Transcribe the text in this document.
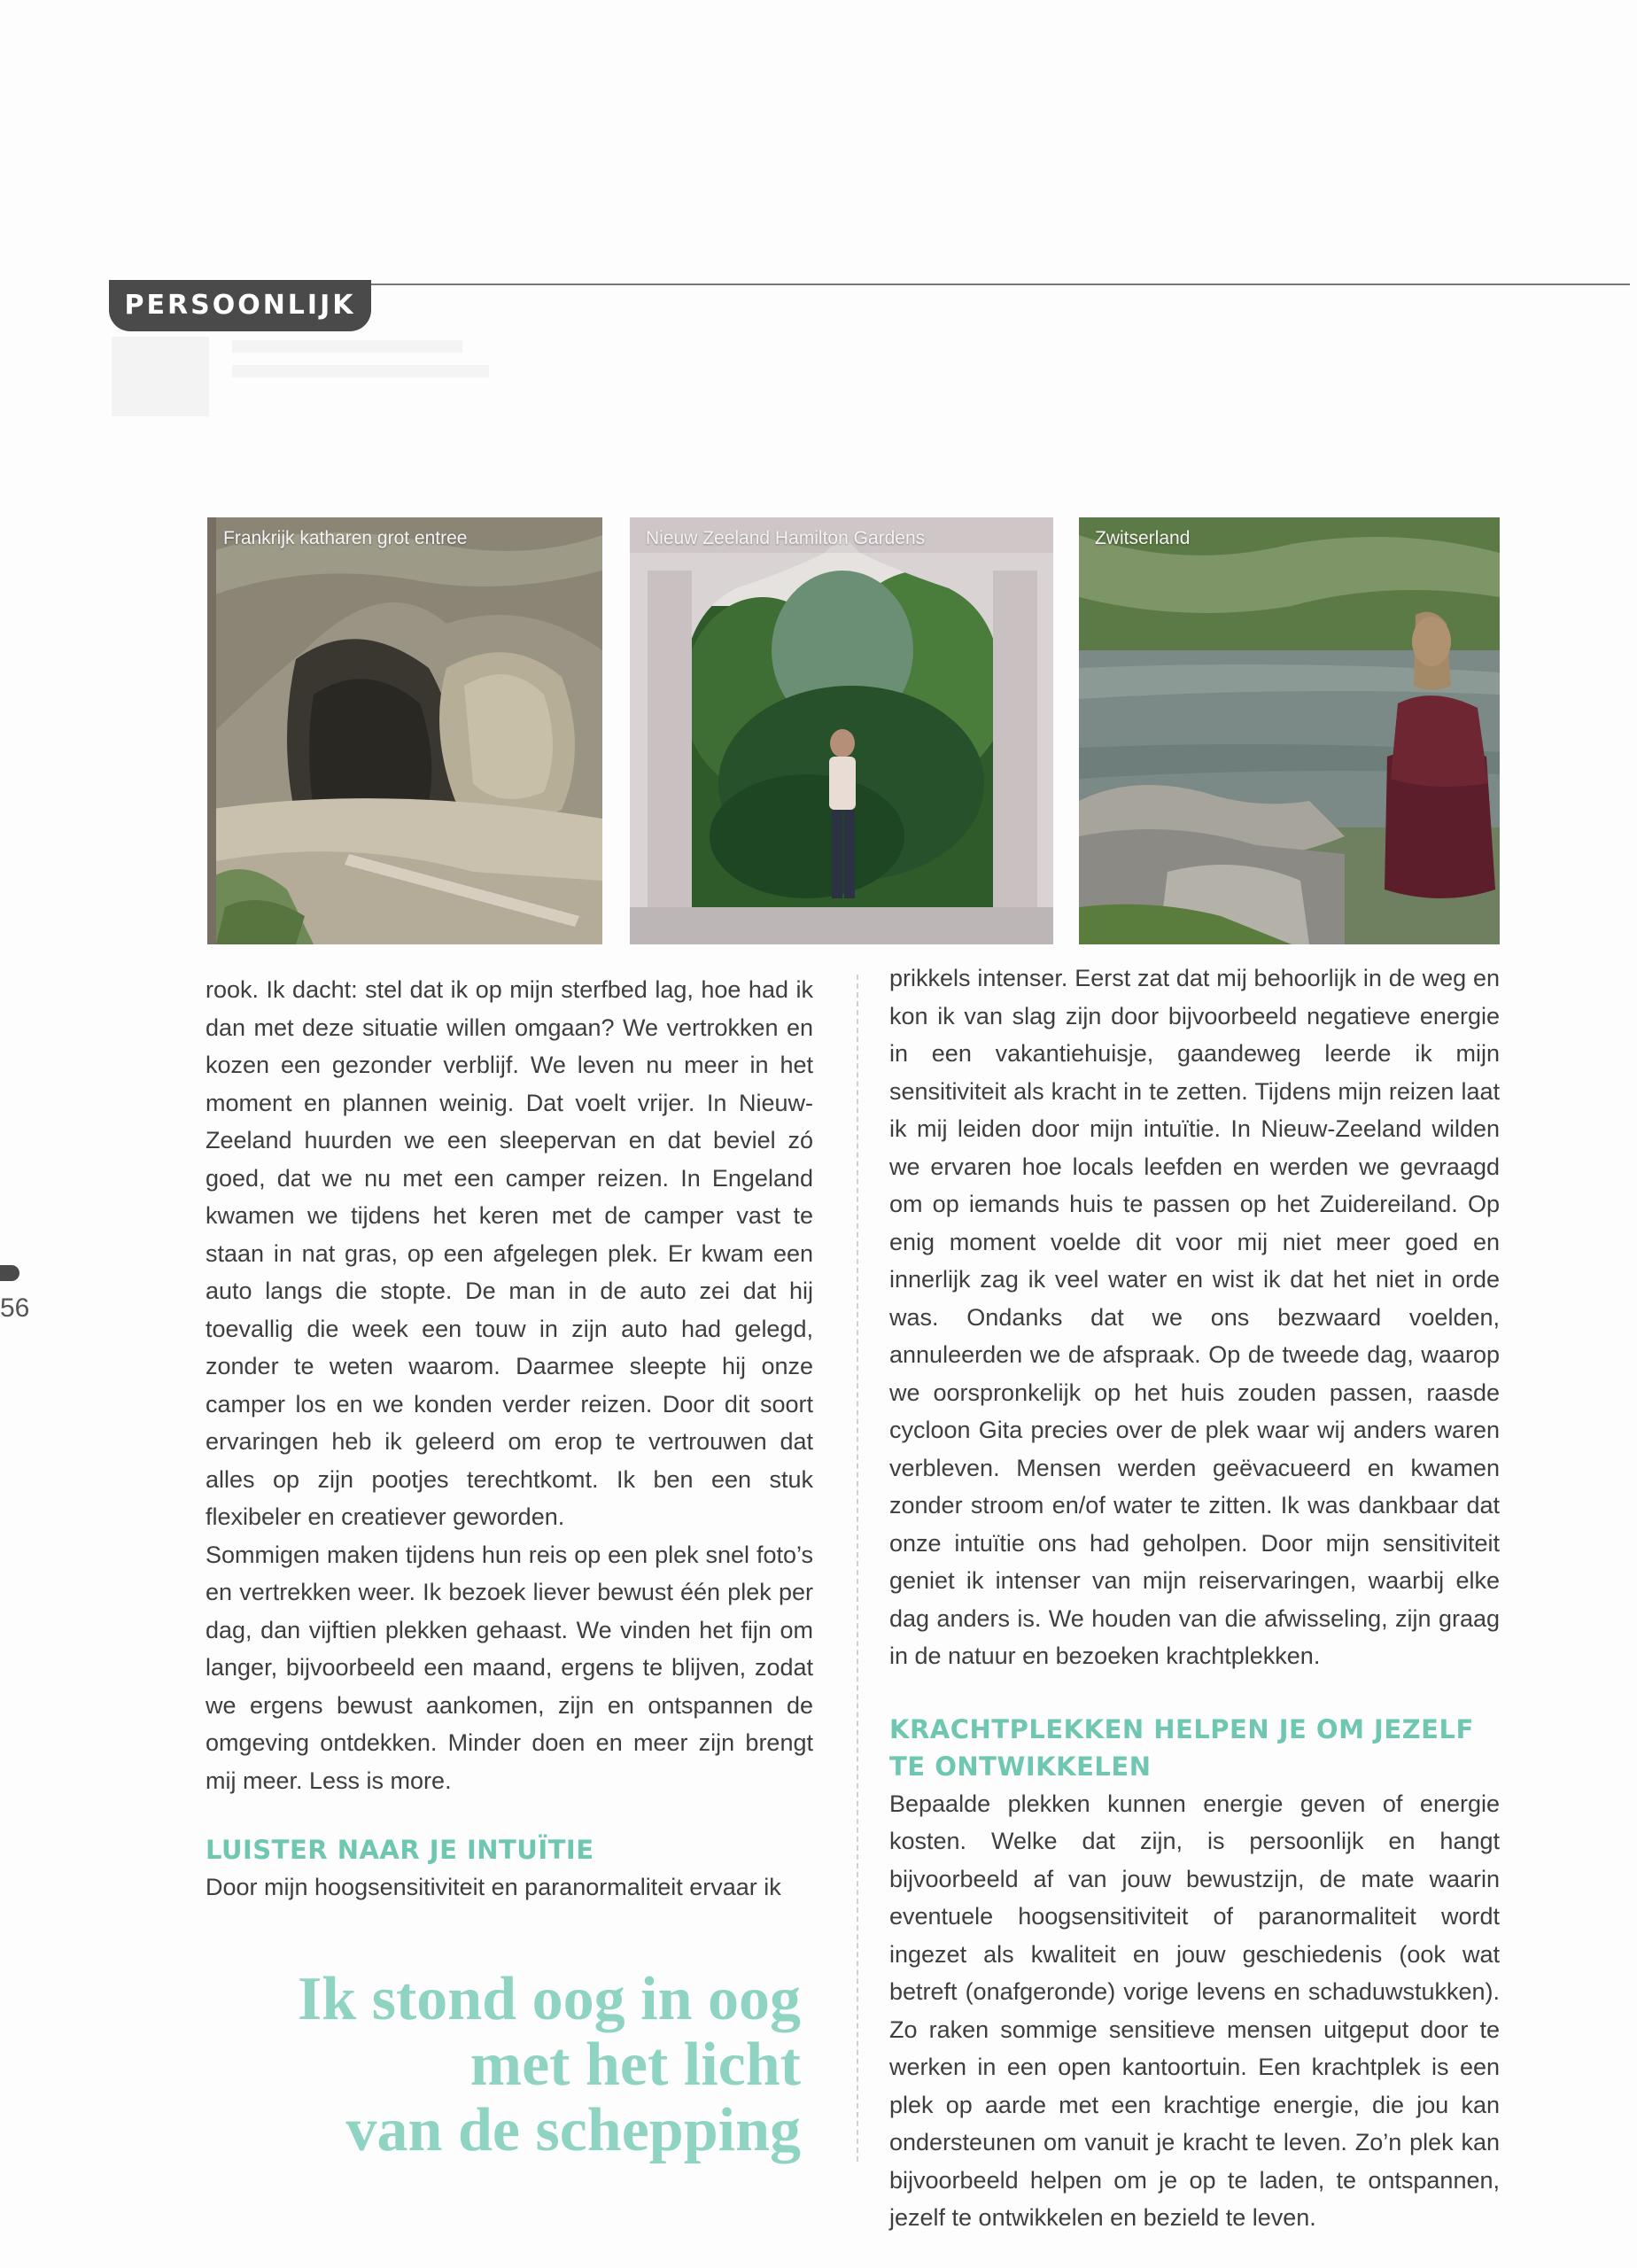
PERSOONLIJK
Frankrijk katharen grot entree	Nieuw Zeeland Hamilton Gardens	Zwitserland

rook. Ik dacht: stel dat ik op mijn sterfbed lag, hoe had ik dan met deze situatie willen omgaan? We vertrokken en kozen een gezonder verblijf. We leven nu meer in het moment en plannen weinig. Dat voelt vrijer. In Nieuw-Zeeland huurden we een sleepervan en dat beviel zó goed, dat we nu met een camper reizen. In Engeland kwamen we tijdens het keren met de camper vast te staan in nat gras, op een afgelegen plek. Er kwam een auto langs die stopte. De man in de auto zei dat hij toevallig die week een touw in zijn auto had gelegd, zonder te weten waarom. Daarmee sleepte hij onze camper los en we konden verder reizen. Door dit soort ervaringen heb ik geleerd om erop te vertrouwen dat alles op zijn pootjes terechtkomt. Ik ben een stuk flexibeler en creatiever geworden.

Sommigen maken tijdens hun reis op een plek snel foto’s en vertrekken weer. Ik bezoek liever bewust één plek per dag, dan vijftien plekken gehaast. We vinden het fijn om langer, bijvoorbeeld een maand, ergens te blijven, zodat we ergens bewust aankomen, zijn en ontspannen de omgeving ontdekken. Minder doen en meer zijn brengt mij meer. Less is more.

LUISTER NAAR JE INTUÏTIE

Door mijn hoogsensitiviteit en paranormaliteit ervaar ik

prikkels intenser. Eerst zat dat mij behoorlijk in de weg en kon ik van slag zijn door bijvoorbeeld negatieve energie in een vakantiehuisje, gaandeweg leerde ik mijn sensitiviteit als kracht in te zetten. Tijdens mijn reizen laat ik mij leiden door mijn intuïtie. In Nieuw-Zeeland wilden we ervaren hoe locals leefden en werden we gevraagd om op iemands huis te passen op het Zuidereiland. Op enig moment voelde dit voor mij niet meer goed en innerlijk zag ik veel water en wist ik dat het niet in orde was. Ondanks dat we ons bezwaard voelden, annuleerden we de afspraak. Op de tweede dag, waarop we oorspronkelijk op het huis zouden passen, raasde cycloon Gita precies over de plek waar wij anders waren verbleven. Mensen werden geëvacueerd en kwamen zonder stroom en/of water te zitten. Ik was dankbaar dat onze intuïtie ons had geholpen. Door mijn sensitiviteit geniet ik intenser van mijn reiservaringen, waarbij elke dag anders is. We houden van die afwisseling, zijn graag in de natuur en bezoeken krachtplekken.

KRACHTPLEKKEN HELPEN JE OM JEZELF TE ONTWIKKELEN

Bepaalde plekken kunnen energie geven of energie kosten. Welke dat zijn, is persoonlijk en hangt bijvoorbeeld af van jouw bewustzijn, de mate waarin eventuele hoogsensitiviteit of paranormaliteit wordt ingezet als kwaliteit en jouw geschiedenis (ook wat betreft (onafgeronde) vorige levens en schaduwstukken). Zo raken sommige sensitieve mensen uitgeput door te werken in een open kantoortuin. Een krachtplek is een plek op aarde met een krachtige energie, die jou kan ondersteunen om vanuit je kracht te leven. Zo’n plek kan bijvoorbeeld helpen om je op te laden, te ontspannen, jezelf te ontwikkelen en bezield te leven.

Ik stond oog in oog
met het licht
van de schepping
56
